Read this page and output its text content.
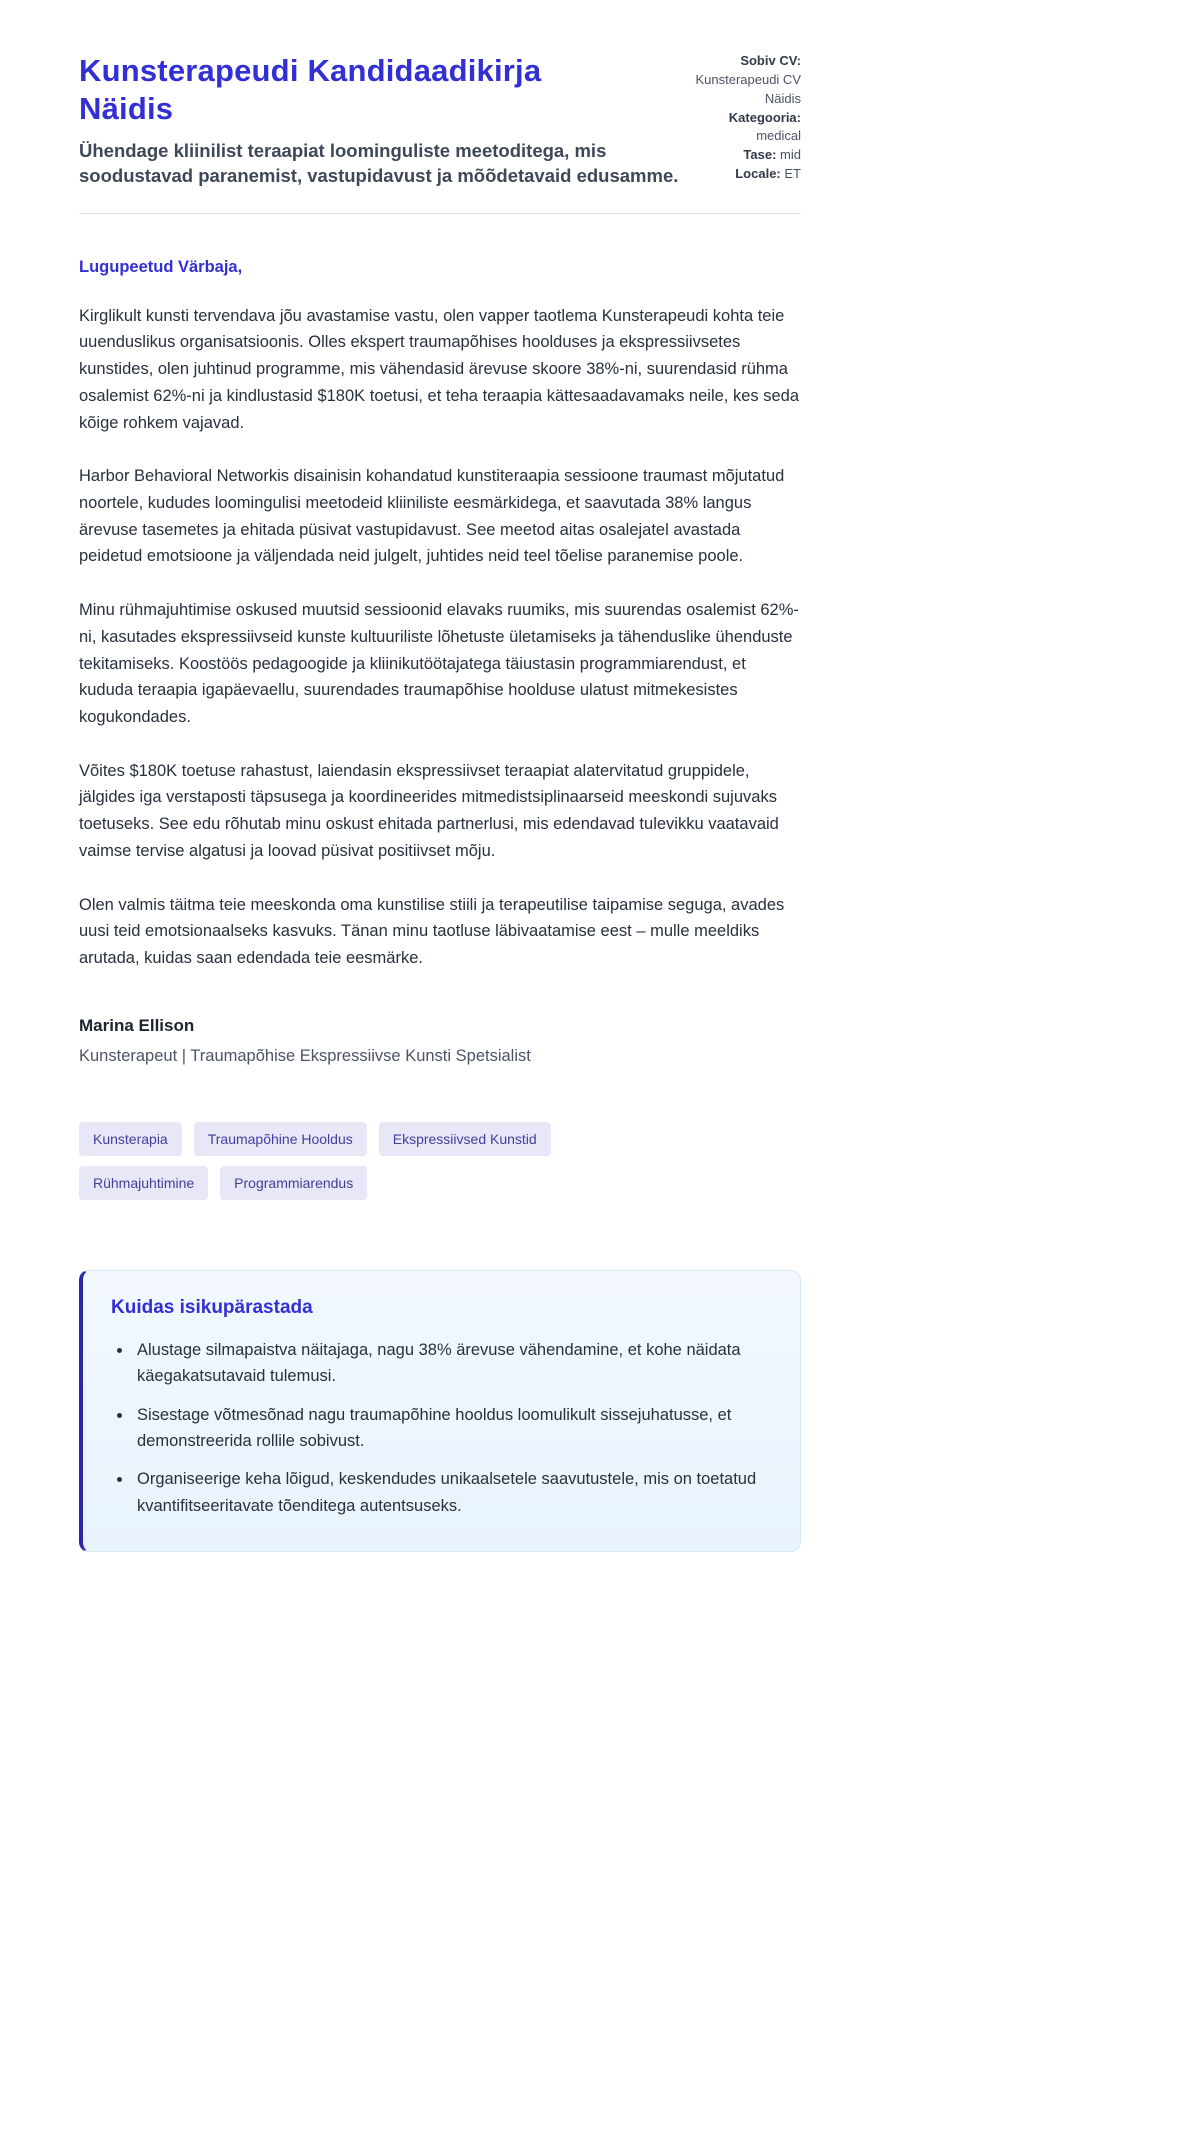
Kunsterapeudi Kandidaadikirja Näidis

Ühendage kliinilist teraapiat loominguliste meetoditega, mis soodustavad paranemist, vastupidavust ja mõõdetavaid edusamme.

Sobiv CV: Kunsterapeudi CV Näidis
Kategooria: medical
Tase: mid
Locale: ET

Lugupeetud Värbaja,

Kirglikult kunsti tervendava jõu avastamise vastu, olen vapper taotlema Kunsterapeudi kohta teie uuenduslikus organisatsioonis. Olles ekspert traumapõhises hoolduses ja ekspressiivsetes kunstides, olen juhtinud programme, mis vähendasid ärevuse skoore 38%-ni, suurendasid rühma osalemist 62%-ni ja kindlustasid $180K toetusi, et teha teraapia kättesaadavamaks neile, kes seda kõige rohkem vajavad.

Harbor Behavioral Networkis disainisin kohandatud kunstiteraapia sessioone traumast mõjutatud noortele, kududes loomingulisi meetodeid kliiniliste eesmärkidega, et saavutada 38% langus ärevuse tasemetes ja ehitada püsivat vastupidavust. See meetod aitas osalejatel avastada peidetud emotsioone ja väljendada neid julgelt, juhtides neid teel tõelise paranemise poole.

Minu rühmajuhtimise oskused muutsid sessioonid elavaks ruumiks, mis suurendas osalemist 62%-ni, kasutades ekspressiivseid kunste kultuuriliste lõhetuste ületamiseks ja tähenduslike ühenduste tekitamiseks. Koostöös pedagoogide ja kliinikutöötajatega täiustasin programmiarendust, et kududa teraapia igapäevaellu, suurendades traumapõhise hoolduse ulatust mitmekesistes kogukondades.

Võites $180K toetuse rahastust, laiendasin ekspressiivset teraapiat alatervitatud gruppidele, jälgides iga verstaposti täpsusega ja koordineerides mitmedistsiplinaarseid meeskondi sujuvaks toetuseks. See edu rõhutab minu oskust ehitada partnerlusi, mis edendavad tulevikku vaatavaid vaimse tervise algatusi ja loovad püsivat positiivset mõju.

Olen valmis täitma teie meeskonda oma kunstilise stiili ja terapeutilise taipamise seguga, avades uusi teid emotsionaalseks kasvuks. Tänan minu taotluse läbivaatamise eest – mulle meeldiks arutada, kuidas saan edendada teie eesmärke.

Marina Ellison

Kunsterapeut | Traumapõhise Ekspressiivse Kunsti Spetsialist

Kunsterapia	Traumapõhine Hooldus	Ekspressiivsed Kunstid
Rühmajuhtimine	Programmiarendus
Kuidas isikupärastada
• Alustage silmapaistva näitajaga, nagu 38% ärevuse vähendamine, et kohe näidata käegakatsutavaid tulemusi.
• Sisestage võtmesõnad nagu traumapõhine hooldus loomulikult sissejuhatusse, et demonstreerida rollile sobivust.
• Organiseerige keha lõigud, keskendudes unikaalsetele saavutustele, mis on toetatud kvantifitseeritavate tõenditega autentsuseks.
